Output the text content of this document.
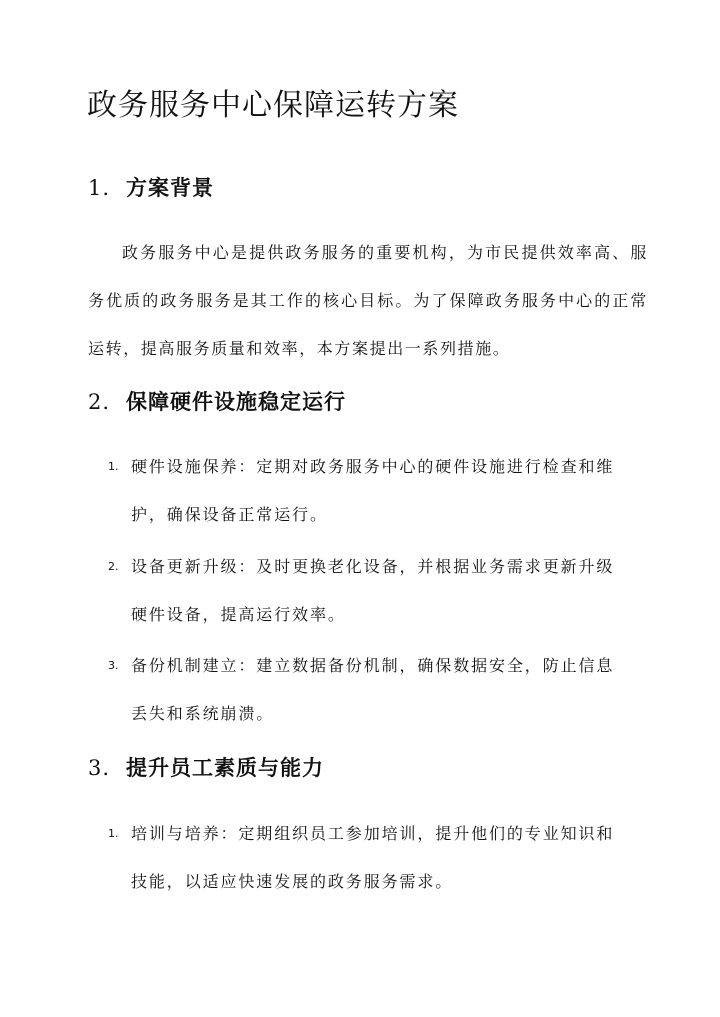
政务服务中心保障运转方案
1. 方案背景

政务服务中心是提供政务服务的重要机构，为市民提供效率高、服务优质的政务服务是其工作的核心目标。为了保障政务服务中心的正常运转，提高服务质量和效率，本方案提出一系列措施。

2. 保障硬件设施稳定运行
1. 硬件设施保养：定期对政务服务中心的硬件设施进行检查和维护，确保设备正常运行。
2. 设备更新升级：及时更换老化设备，并根据业务需求更新升级硬件设备，提高运行效率。
3. 备份机制建立：建立数据备份机制，确保数据安全，防止信息丢失和系统崩溃。
3. 提升员工素质与能力
1. 培训与培养：定期组织员工参加培训，提升他们的专业知识和技能，以适应快速发展的政务服务需求。
